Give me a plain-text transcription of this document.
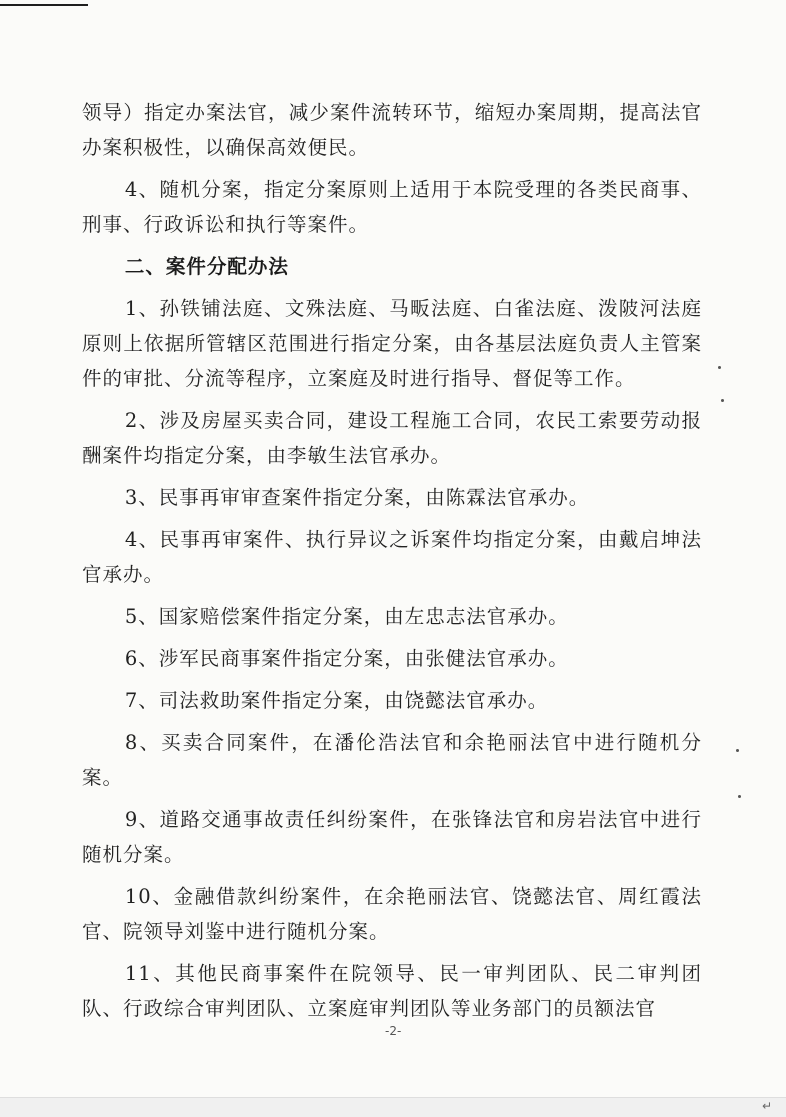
领导）指定办案法官，减少案件流转环节，缩短办案周期，提高法官办案积极性，以确保高效便民。

4、随机分案，指定分案原则上适用于本院受理的各类民商事、刑事、行政诉讼和执行等案件。

二、案件分配办法

1、孙铁铺法庭、文殊法庭、马畈法庭、白雀法庭、泼陂河法庭原则上依据所管辖区范围进行指定分案，由各基层法庭负责人主管案件的审批、分流等程序，立案庭及时进行指导、督促等工作。

2、涉及房屋买卖合同，建设工程施工合同，农民工索要劳动报酬案件均指定分案，由李敏生法官承办。

3、民事再审审查案件指定分案，由陈霖法官承办。

4、民事再审案件、执行异议之诉案件均指定分案，由戴启坤法官承办。

5、国家赔偿案件指定分案，由左忠志法官承办。

6、涉军民商事案件指定分案，由张健法官承办。

7、司法救助案件指定分案，由饶懿法官承办。

8、买卖合同案件，在潘伦浩法官和余艳丽法官中进行随机分案。

9、道路交通事故责任纠纷案件，在张锋法官和房岩法官中进行随机分案。

10、金融借款纠纷案件，在余艳丽法官、饶懿法官、周红霞法官、院领导刘鉴中进行随机分案。

11、其他民商事案件在院领导、民一审判团队、民二审判团队、行政综合审判团队、立案庭审判团队等业务部门的员额法官

-2-
↵
